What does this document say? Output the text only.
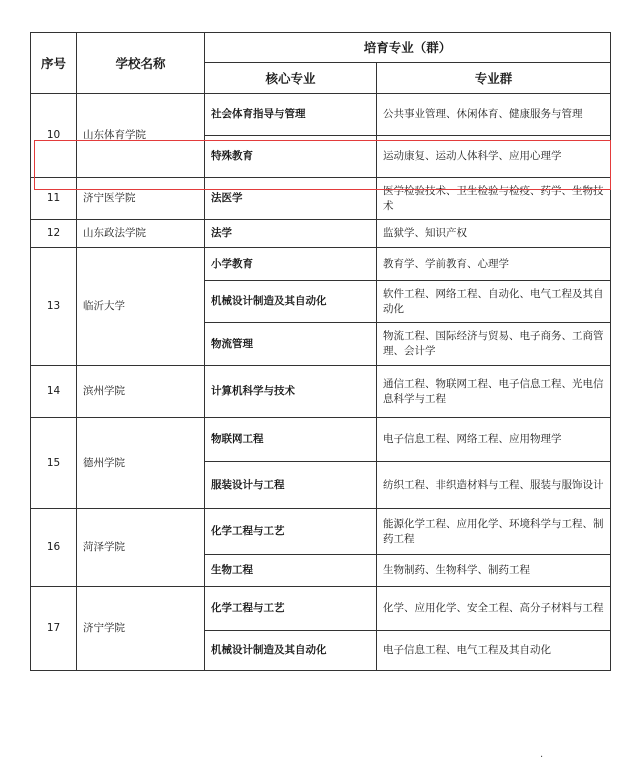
序号	学校名称	培育专业（群）	
		核心专业	专业群
10	山东体育学院	社会体育指导与管理	公共事业管理、休闲体育、健康服务与管理
		特殊教育	运动康复、运动人体科学、应用心理学
11	济宁医学院	法医学	医学检验技术、卫生检验与检疫、药学、生物技术
12	山东政法学院	法学	监狱学、知识产权
13	临沂大学	小学教育	教育学、学前教育、心理学
		机械设计制造及其自动化	软件工程、网络工程、自动化、电气工程及其自动化
		物流管理	物流工程、国际经济与贸易、电子商务、工商管理、会计学
14	滨州学院	计算机科学与技术	通信工程、物联网工程、电子信息工程、光电信息科学与工程
15	德州学院	物联网工程	电子信息工程、网络工程、应用物理学
		服装设计与工程	纺织工程、非织造材料与工程、服装与服饰设计
16	菏泽学院	化学工程与工艺	能源化学工程、应用化学、环境科学与工程、制药工程
		生物工程	生物制药、生物科学、制药工程
17	济宁学院	化学工程与工艺	化学、应用化学、安全工程、高分子材料与工程
		机械设计制造及其自动化	电子信息工程、电气工程及其自动化
·
